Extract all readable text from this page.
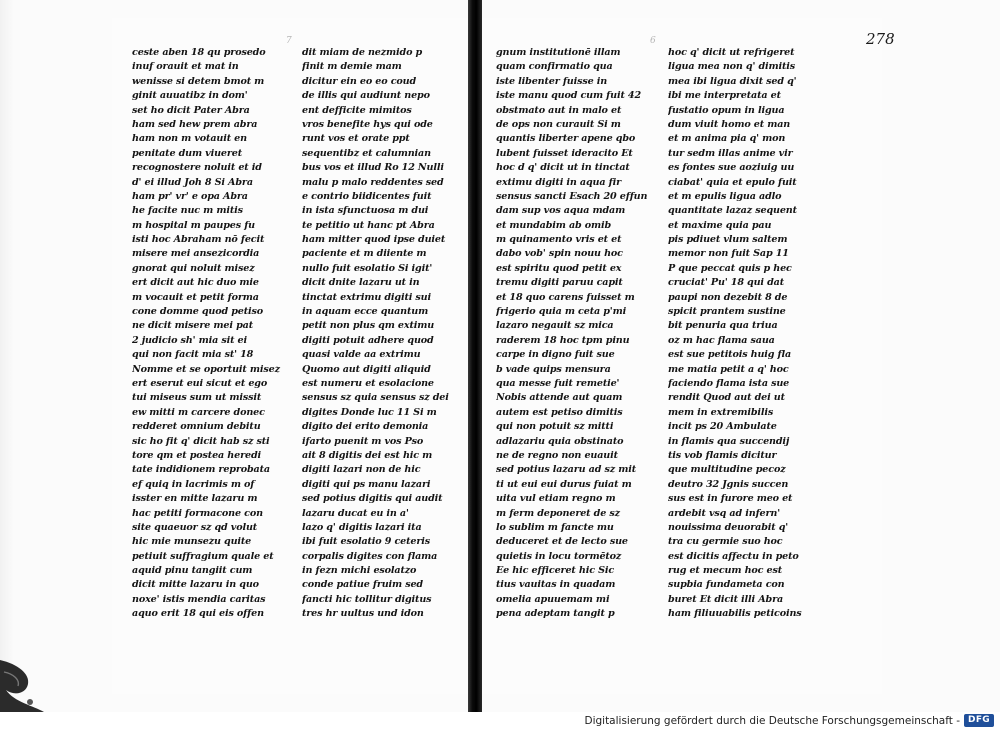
7	6	278
ceste aben 18 qu prosedo
inuf orauit et mat in
wenisse si detem bmot m
ginit auuatibz in dom'
set ho dicit Pater Abra
ham sed hew prem abra
ham non m votauit en
penitate dum viueret
recognostere noluit et id
d' ei illud Joh 8 Si Abra
ham pr' vr' e opa Abra
he facite nuc m mitis
m hospital m paupes fu
isti hoc Abraham nō fecit
misere mei ansezicordia
gnorat qui noluit misez
ert dicit aut hic duo mie
m vocauit et petit forma
cone domme quod petiso
ne dicit misere mei pat
2 judicio sh' mia sit ei
qui non facit mia st' 18
Nomme et se oportuit misez
ert eserut eui sicut et ego
tui miseus sum ut missit
ew mitti m carcere donec
redderet omnium debitu
sic ho fit q' dicit hab sz sti
tore qm et postea heredi
tate indidionem reprobata
ef quiq in lacrimis m of
isster en mitte lazaru m
hac petiti formacone con
site quaeuor sz qd volut
hic mie munsezu quite
petiuit suffragium quale et
aquid pinu tangiit cum
dicit mitte lazaru in quo
noxe' istis mendia caritas
aquo erit 18 qui eis offen
dit miam de nezmido p
finit m demie mam
dicitur ein eo eo coud
de illis qui audiunt nepo
ent defficite mimitos
vros benefite hys qui ode
runt vos et orate ppt
sequentibz et calumnian
bus vos et illud Ro 12 Nulli
malu p malo reddentes sed
e contrio biidicentes fuit
in ista sfunctuosa m dui
te petitio ut hanc pt Abra
ham mitter quod ipse duiet
paciente et m diiente m
nullo fuit esolatio Si igit'
dicit dnite lazaru ut in
tinctat extrimu digiti sui
in aquam ecce quantum
petit non plus qm extimu
digiti potuit adhere quod
quasi valde aa extrimu
Quomo aut digiti aliquid
est numeru et esolacione
sensus sz quia sensus sz dei
digites Donde luc 11 Si m
digito dei erito demonia
ifarto puenit m vos Pso
ait 8 digitis dei est hic m
digiti lazari non de hic
digiti qui ps manu lazari
sed potius digitis qui audit
lazaru ducat eu in a'
lazo q' digitis lazari ita
ibi fuit esolatio 9 ceteris
corpalis digites con flama
in fezn michi esolatzo
conde patiue fruim sed
fancti hic tollitur digitus
tres hr uultus und idon
gnum institutionē illam
quam confirmatio qua
iste libenter fuisse in
iste manu quod cum fuit 42
obstmato aut in malo et
de ops non curauit Si m
quantis liberter apene qbo
lubent fuisset ideracito Et
hoc d q' dicit ut in tinctat
extimu digiti in aqua fir
sensus sancti Esach 20 effun
dam sup vos aqua mdam
et mundabim ab omib
m quinamento vris et et
dabo vob' spin nouu hoc
est spiritu quod petit ex
tremu digiti paruu capit
et 18 quo carens fuisset m
frigerio quia m ceta p'mi
lazaro negauit sz mica
raderem 18 hoc tpm pinu
carpe in digno fuit sue
b vade quips mensura
qua messe fuit remetie'
Nobis attende aut quam
autem est petiso dimitis
qui non potuit sz mitti
adlazariu quia obstinato
ne de regno non euauit
sed potius lazaru ad sz mit
ti ut eui eui durus fuiat m
uita vul etiam regno m
m ferm deponeret de sz
lo sublim m fancte mu
deduceret et de lecto sue
quietis in locu tormētoz
Ee hic efficeret hic Sic
tius vauitas in quadam
omelia apuuemam mi
pena adeptam tangit p
hoc q' dicit ut refrigeret
ligua mea non q' dimitis
mea ibi ligua dixit sed q'
ibi me interpretata et
fustatio opum in ligua
dum viuit homo et man
et m anima pia q' mon
tur sedm illas anime vir
es fontes sue aoziuig uu
ciabat' quia et epulo fuit
et m epulis ligua adlo
quantitate lazaz sequent
et maxime quia pau
pis pdiuet vlum saltem
memor non fuit Sap 11
P que peccat quis p hec
cruciat' Pu' 18 qui dat
paupi non dezebit 8 de
spicit prantem sustine
bit penuria qua triua
oz m hac flama saua
est sue petitois huig fla
me matia petit a q' hoc
faciendo flama ista sue
rendit Quod aut dei ut
mem in extremibilis
incit ps 20 Ambulate
in flamis qua succendij
tis vob flamis dicitur
que multitudine pecoz
deutro 32 Jgnis succen
sus est in furore meo et
ardebit vsq ad infern'
nouissima deuorabit q'
tra cu germie suo hoc
est dicitis affectu in peto
rug et mecum hoc est
supbia fundameta con
buret Et dicit illi Abra
ham filiuuabilis peticoins
Digitalisierung gefördert durch die Deutsche Forschungsgemeinschaft - DFG
